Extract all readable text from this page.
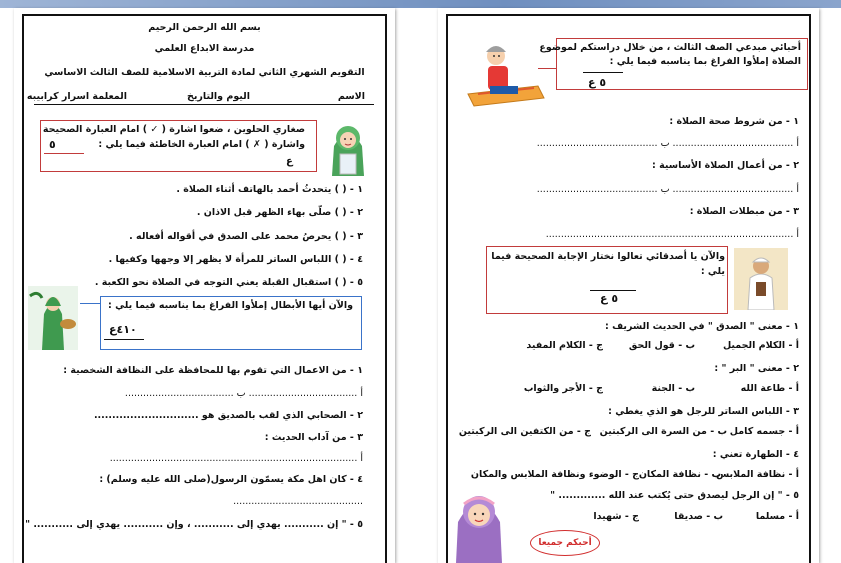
بسم الله الرحمن الرحيم
مدرسة الابداع العلمي
التقويم الشهري الثاني لمادة التربية الاسلامية للصف الثالث الاساسي
الاسم
اليوم والتاريخ
المعلمة اسرار كرابيبه
صغاري الحلوين ، ضعوا اشارة ( ✓ ) امام العبارة الصحيحة
واشارة ( ✗ ) امام العبارة الخاطئة فيما يلي :
٥
ع
١ - ( ) يتحدثُ أحمد بالهاتف أثناء الصلاة .
٢ - ( ) صلّى بهاء الظهر قبل الاذان .
٣ - ( ) يحرصُ محمد على الصدق في أقواله أفعاله .
٤ - ( ) اللباس الساتر للمرأة لا يظهر إلا وجهها وكفيها .
٥ - ( ) استقبال القبلة يعني التوجه في الصلاة نحو الكعبة .
والآن أيها الأبطال إملأوا الفراغ بما يناسبه فيما يلي :
٤١٠ع
١ - من الاعمال التي تقوم بها للمحافظة على النظافة الشخصية :
أ .................................... ب ....................................
٢ - الصحابي الذي لقب بالصديق هو .............................
٣ - من آداب الحديث :
أ ..................................................................................
٤ - كان اهل مكة يسمّون الرسول(صلى الله عليه وسلم) :
...........................................
٥ - " إن ........... يهدي إلى ........... ، وإن ........... يهدي إلى ........... "
أحبائي مبدعي الصف الثالث ، من خلال دراستكم لموضوع
الصلاة إملأوا الفراغ بما يناسبه فيما يلي :
٥ ع
١ - من شروط صحة الصلاة :
أ ........................................ ب ........................................
٢ - من أعمال الصلاة الأساسية :
أ ........................................ ب ........................................
٣ - من مبطلات الصلاة :
أ ..................................................................................
والآن يا أصدقائي تعالوا نختار الإجابة الصحيحة فيما
يلي :
٥ ع
١ - معنى " الصدق " في الحديث الشريف :
أ - الكلام الجميل
ب - قول الحق
ج - الكلام المفيد
٢ - معنى " البر " :
أ - طاعة الله
ب - الجنة
ج - الأجر والثواب
٣ - اللباس الساتر للرجل هو الذي يغطي :
أ - جسمه كامل
ب - من السرة الى الركبتين
ج - من الكتفين الى الركبتين
٤ - الطهارة تعني :
أ - نظافة الملابس
ب - نظافة المكان
ج - الوضوء ونظافة الملابس والمكان
٥ - " إن الرجل ليصدق حتى يُكتب عند الله ............. "
أ - مسلما
ب - صديقا
ج - شهيدا
أحبكم جميعا
